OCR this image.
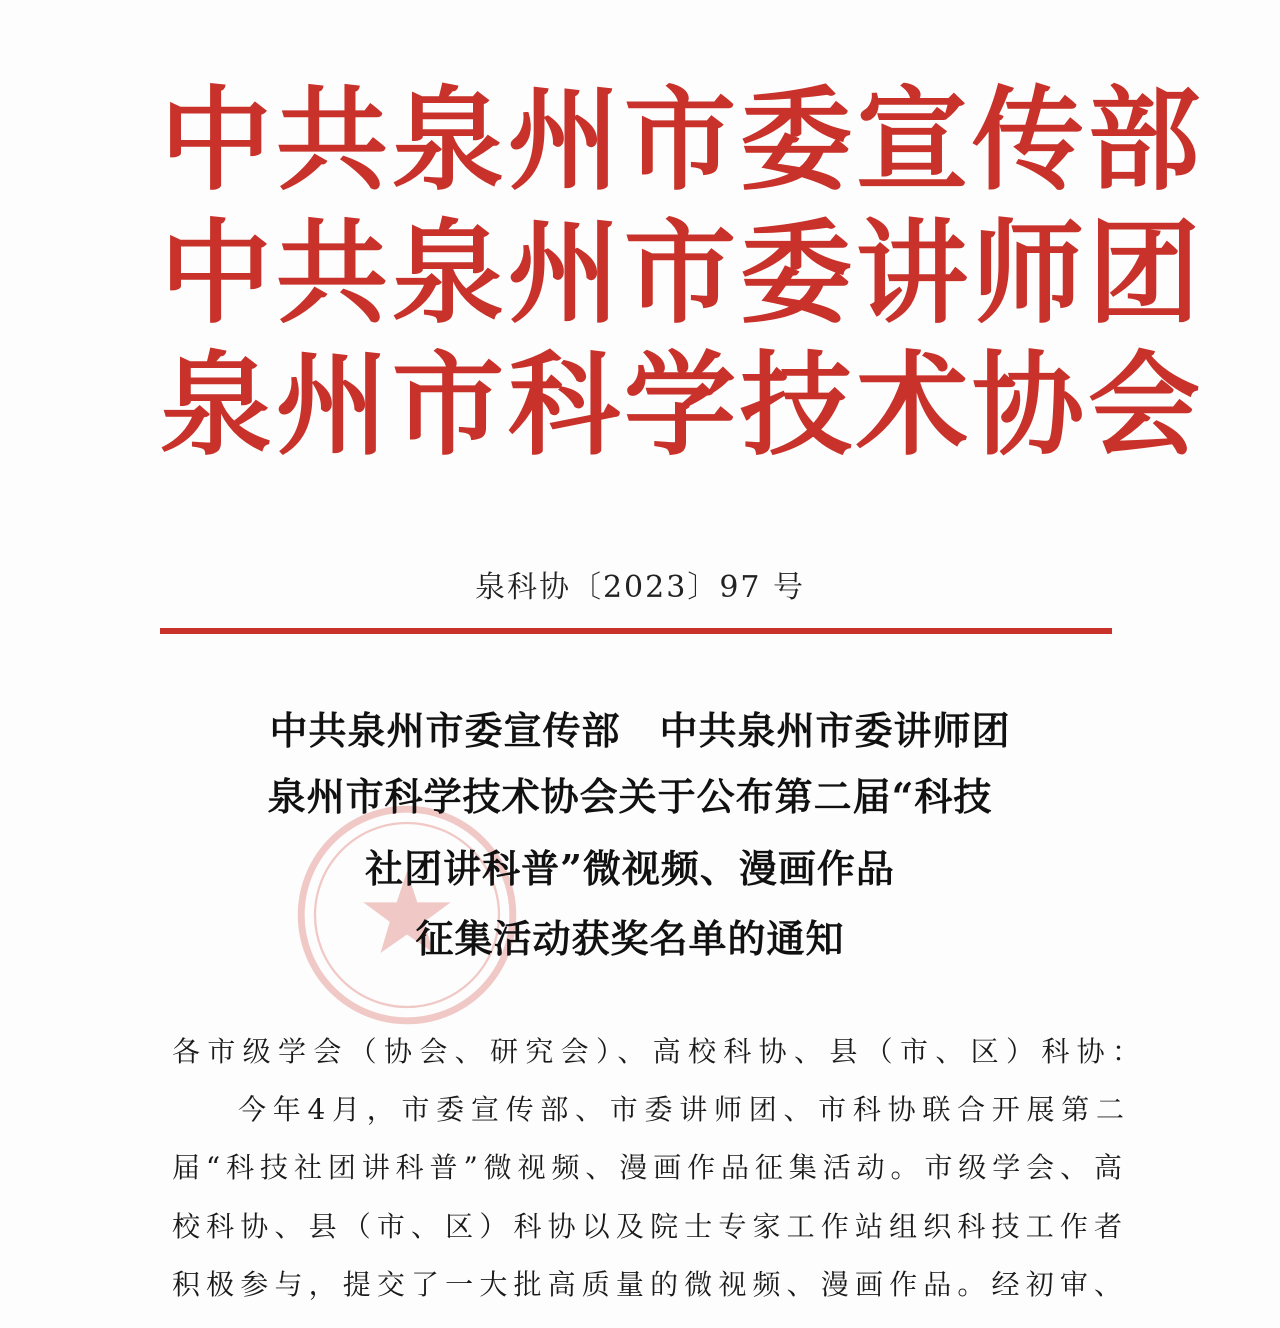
中共泉州市委宣传部
中共泉州市委讲师团
泉州市科学技术协会
泉科协〔2023〕97 号
中共泉州市委宣传部　中共泉州市委讲师团
泉州市科学技术协会关于公布第二届“科技
社团讲科普”微视频、漫画作品
征集活动获奖名单的通知
各市级学会（协会、研究会）、高校科协、县（市、区）科协：
今年4月，市委宣传部、市委讲师团、市科协联合开展第二
届“科技社团讲科普”微视频、漫画作品征集活动。市级学会、高
校科协、县（市、区）科协以及院士专家工作站组织科技工作者
积极参与，提交了一大批高质量的微视频、漫画作品。经初审、
